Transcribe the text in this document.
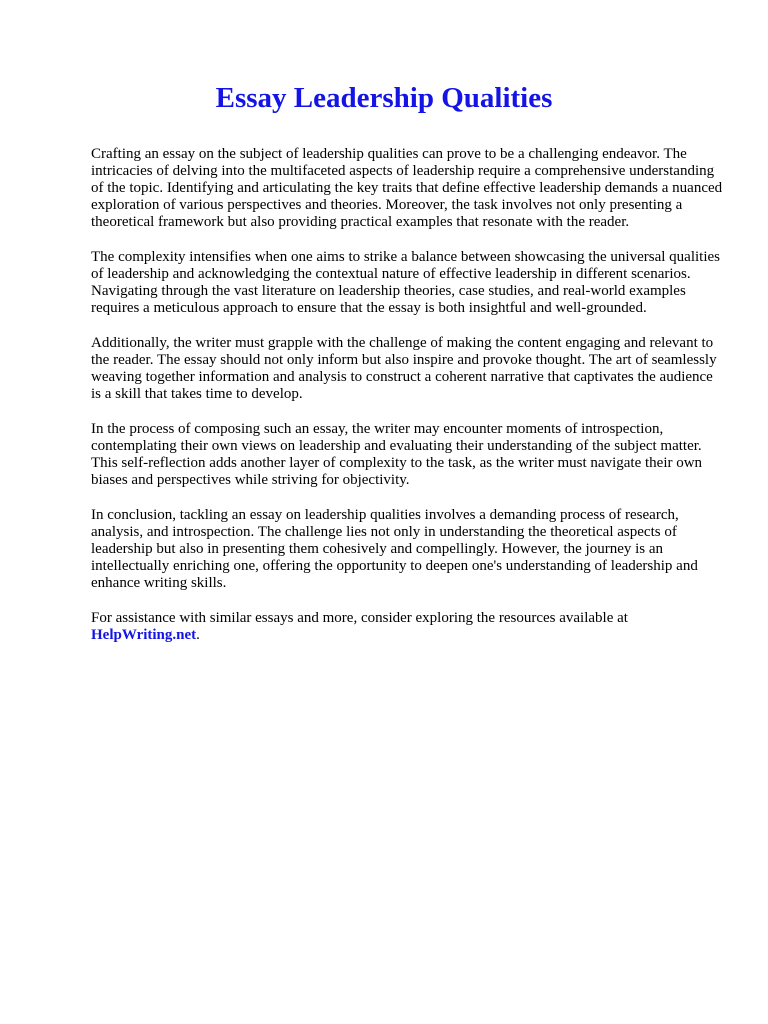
Essay Leadership Qualities

Crafting an essay on the subject of leadership qualities can prove to be a challenging endeavor. The intricacies of delving into the multifaceted aspects of leadership require a comprehensive understanding of the topic. Identifying and articulating the key traits that define effective leadership demands a nuanced exploration of various perspectives and theories. Moreover, the task involves not only presenting a theoretical framework but also providing practical examples that resonate with the reader.

The complexity intensifies when one aims to strike a balance between showcasing the universal qualities of leadership and acknowledging the contextual nature of effective leadership in different scenarios. Navigating through the vast literature on leadership theories, case studies, and real-world examples requires a meticulous approach to ensure that the essay is both insightful and well-grounded.

Additionally, the writer must grapple with the challenge of making the content engaging and relevant to the reader. The essay should not only inform but also inspire and provoke thought. The art of seamlessly weaving together information and analysis to construct a coherent narrative that captivates the audience is a skill that takes time to develop.

In the process of composing such an essay, the writer may encounter moments of introspection, contemplating their own views on leadership and evaluating their understanding of the subject matter. This self-reflection adds another layer of complexity to the task, as the writer must navigate their own biases and perspectives while striving for objectivity.

In conclusion, tackling an essay on leadership qualities involves a demanding process of research, analysis, and introspection. The challenge lies not only in understanding the theoretical aspects of leadership but also in presenting them cohesively and compellingly. However, the journey is an intellectually enriching one, offering the opportunity to deepen one's understanding of leadership and enhance writing skills.

For assistance with similar essays and more, consider exploring the resources available at
HelpWriting.net.
